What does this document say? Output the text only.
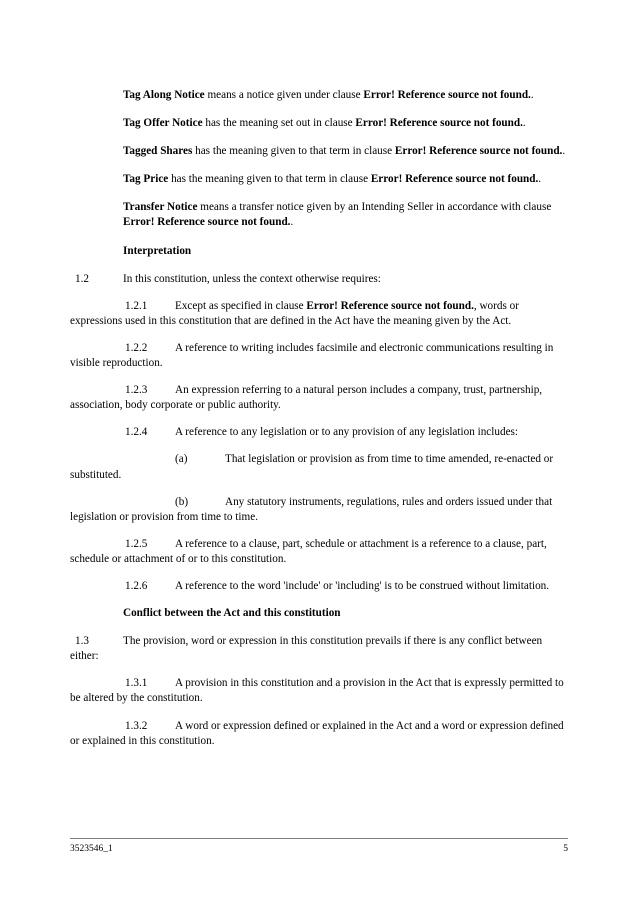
Tag Along Notice means a notice given under clause Error! Reference source not found..
Tag Offer Notice has the meaning set out in clause Error! Reference source not found..
Tagged Shares has the meaning given to that term in clause Error! Reference source not found..
Tag Price has the meaning given to that term in clause Error! Reference source not found..
Transfer Notice means a transfer notice given by an Intending Seller in accordance with clause Error! Reference source not found..
Interpretation
1.2	In this constitution, unless the context otherwise requires:
1.2.1	Except as specified in clause Error! Reference source not found., words or expressions used in this constitution that are defined in the Act have the meaning given by the Act.
1.2.2	A reference to writing includes facsimile and electronic communications resulting in visible reproduction.
1.2.3	An expression referring to a natural person includes a company, trust, partnership, association, body corporate or public authority.
1.2.4	A reference to any legislation or to any provision of any legislation includes:
(a)	That legislation or provision as from time to time amended, re-enacted or substituted.
(b)	Any statutory instruments, regulations, rules and orders issued under that legislation or provision from time to time.
1.2.5	A reference to a clause, part, schedule or attachment is a reference to a clause, part, schedule or attachment of or to this constitution.
1.2.6	A reference to the word 'include' or 'including' is to be construed without limitation.
Conflict between the Act and this constitution
1.3	The provision, word or expression in this constitution prevails if there is any conflict between either:
1.3.1	A provision in this constitution and a provision in the Act that is expressly permitted to be altered by the constitution.
1.3.2	A word or expression defined or explained in the Act and a word or expression defined or explained in this constitution.
3523546_1	5
